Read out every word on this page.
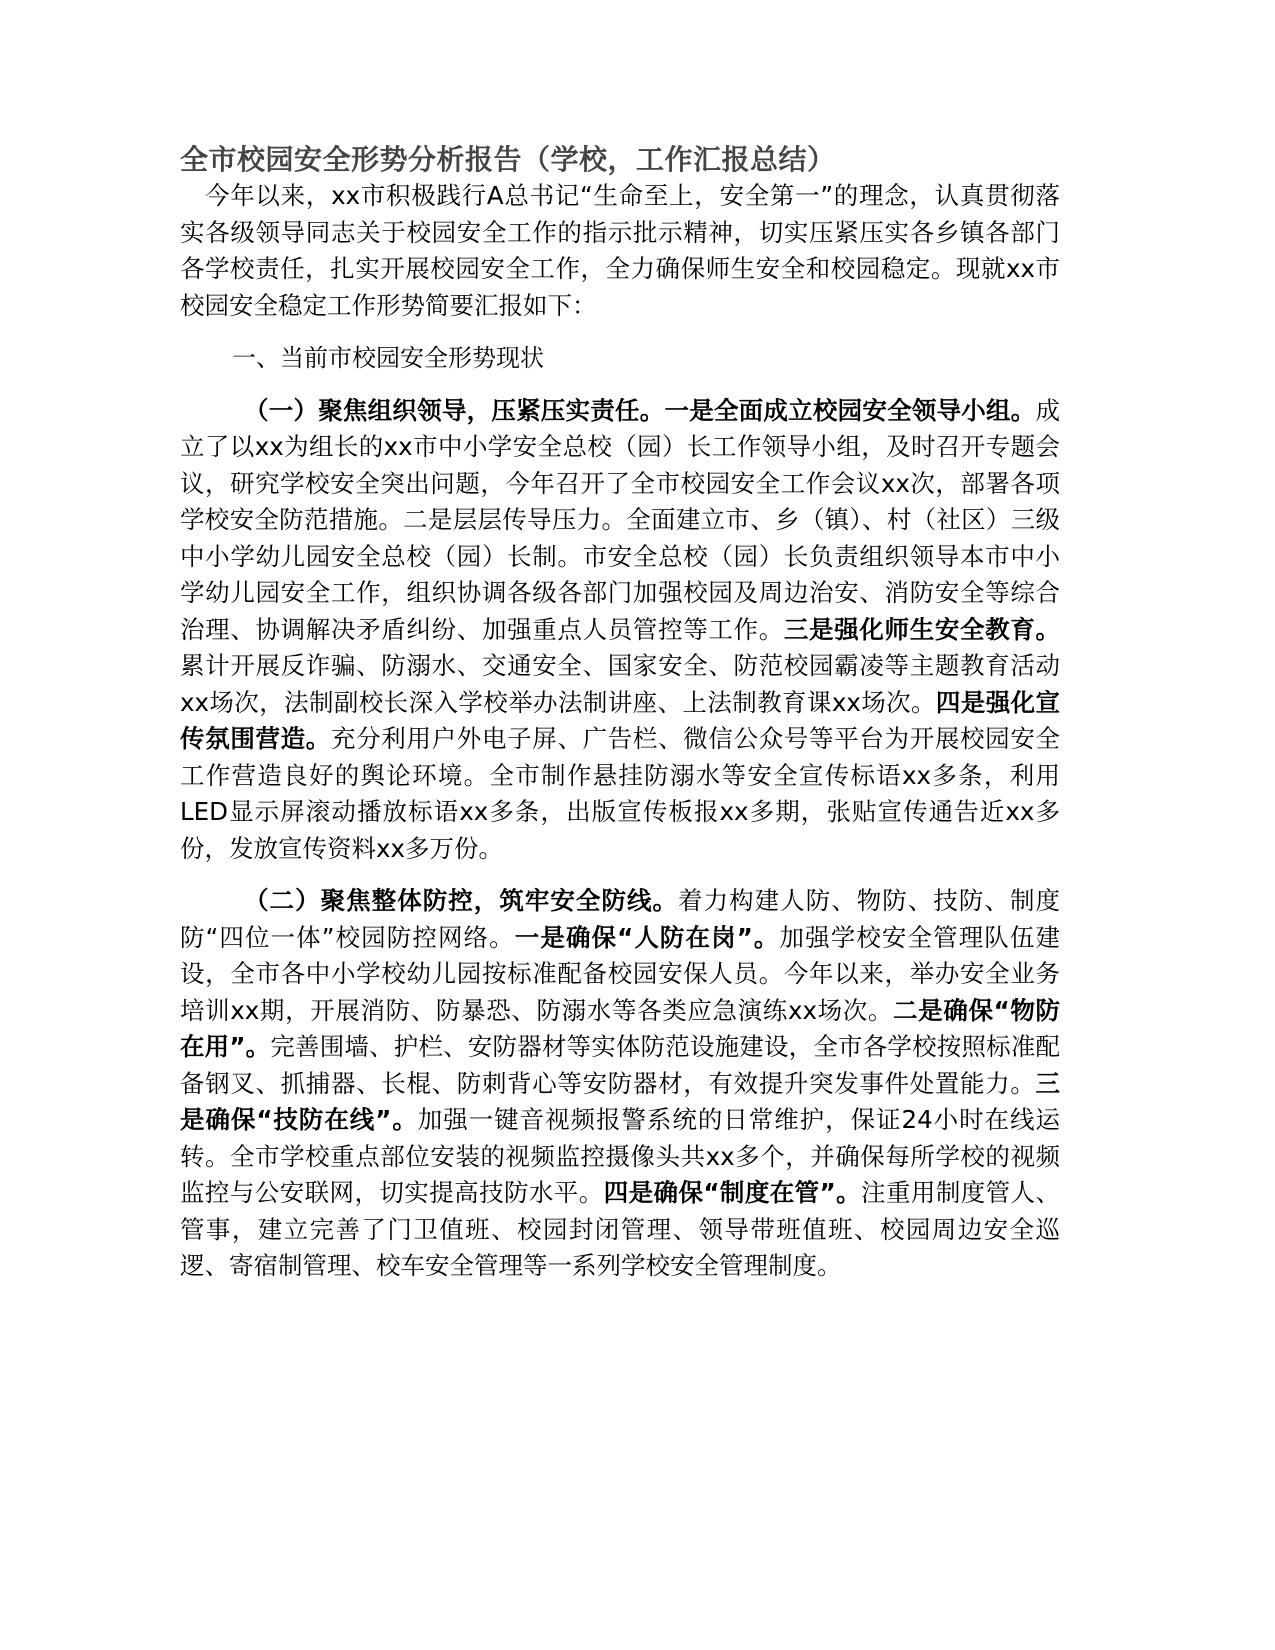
全市校园安全形势分析报告（学校，工作汇报总结）

今年以来，xx市积极践行A总书记“生命至上，安全第一”的理念，认真贯彻落实各级领导同志关于校园安全工作的指示批示精神，切实压紧压实各乡镇各部门各学校责任，扎实开展校园安全工作，全力确保师生安全和校园稳定。现就xx市校园安全稳定工作形势简要汇报如下：

一、当前市校园安全形势现状

（一）聚焦组织领导，压紧压实责任。一是全面成立校园安全领导小组。成立了以xx为组长的xx市中小学安全总校（园）长工作领导小组，及时召开专题会议，研究学校安全突出问题，今年召开了全市校园安全工作会议xx次，部署各项学校安全防范措施。二是层层传导压力。全面建立市、乡（镇）、村（社区）三级中小学幼儿园安全总校（园）长制。市安全总校（园）长负责组织领导本市中小学幼儿园安全工作，组织协调各级各部门加强校园及周边治安、消防安全等综合治理、协调解决矛盾纠纷、加强重点人员管控等工作。三是强化师生安全教育。累计开展反诈骗、防溺水、交通安全、国家安全、防范校园霸凌等主题教育活动xx场次，法制副校长深入学校举办法制讲座、上法制教育课xx场次。四是强化宣传氛围营造。充分利用户外电子屏、广告栏、微信公众号等平台为开展校园安全工作营造良好的舆论环境。全市制作悬挂防溺水等安全宣传标语xx多条，利用LED显示屏滚动播放标语xx多条，出版宣传板报xx多期，张贴宣传通告近xx多份，发放宣传资料xx多万份。

（二）聚焦整体防控，筑牢安全防线。着力构建人防、物防、技防、制度防“四位一体”校园防控网络。一是确保“人防在岗”。加强学校安全管理队伍建设，全市各中小学校幼儿园按标准配备校园安保人员。今年以来，举办安全业务培训xx期，开展消防、防暴恐、防溺水等各类应急演练xx场次。二是确保“物防在用”。完善围墙、护栏、安防器材等实体防范设施建设，全市各学校按照标准配备钢叉、抓捕器、长棍、防刺背心等安防器材，有效提升突发事件处置能力。三是确保“技防在线”。加强一键音视频报警系统的日常维护，保证24小时在线运转。全市学校重点部位安装的视频监控摄像头共xx多个，并确保每所学校的视频监控与公安联网，切实提高技防水平。四是确保“制度在管”。注重用制度管人、管事，建立完善了门卫值班、校园封闭管理、领导带班值班、校园周边安全巡逻、寄宿制管理、校车安全管理等一系列学校安全管理制度。
